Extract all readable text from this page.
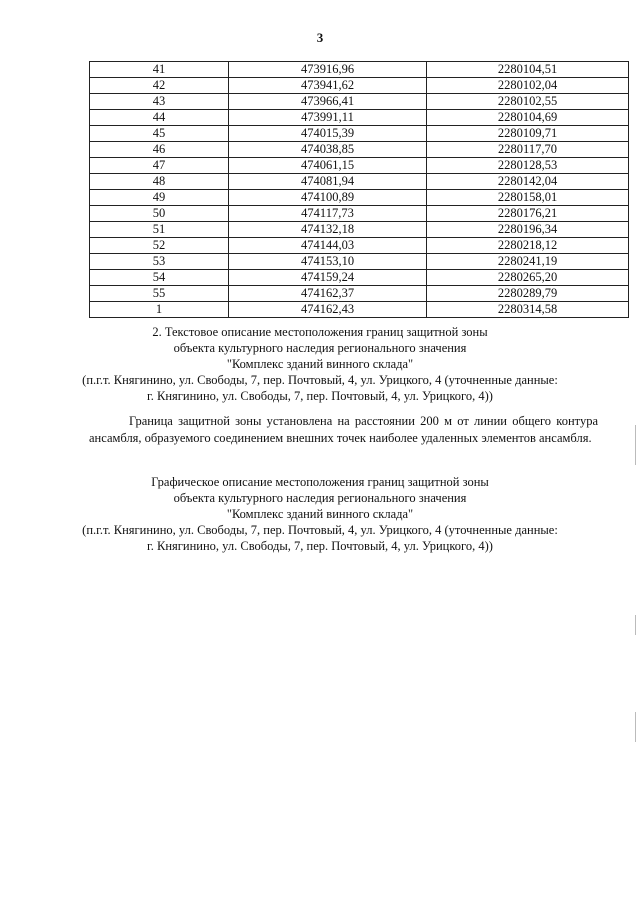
3
41	473916,96	2280104,51
42	473941,62	2280102,04
43	473966,41	2280102,55
44	473991,11	2280104,69
45	474015,39	2280109,71
46	474038,85	2280117,70
47	474061,15	2280128,53
48	474081,94	2280142,04
49	474100,89	2280158,01
50	474117,73	2280176,21
51	474132,18	2280196,34
52	474144,03	2280218,12
53	474153,10	2280241,19
54	474159,24	2280265,20
55	474162,37	2280289,79
1	474162,43	2280314,58

2. Текстовое описание местоположения границ защитной зоны

объекта культурного наследия регионального значения

"Комплекс зданий винного склада"

(п.г.т. Княгинино, ул. Свободы, 7, пер. Почтовый, 4, ул. Урицкого, 4 (уточненные данные:

г. Княгинино, ул. Свободы, 7, пер. Почтовый, 4, ул. Урицкого, 4))

Граница защитной зоны установлена на расстоянии 200 м от линии общего контура ансамбля, образуемого соединением внешних точек наиболее удаленных элементов ансамбля.

Графическое описание местоположения границ защитной зоны

объекта культурного наследия регионального значения

"Комплекс зданий винного склада"

(п.г.т. Княгинино, ул. Свободы, 7, пер. Почтовый, 4, ул. Урицкого, 4 (уточненные данные:

г. Княгинино, ул. Свободы, 7, пер. Почтовый, 4, ул. Урицкого, 4))
